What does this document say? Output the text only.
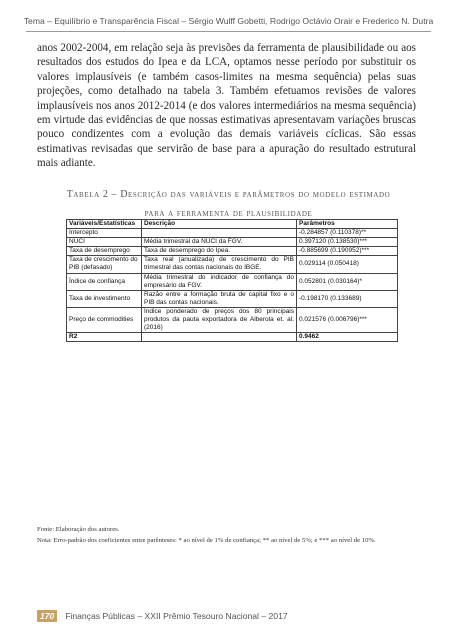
Tema – Equilíbrio e Transparência Fiscal – Sérgio Wulff Gobetti, Rodrigo Octávio Orair e Frederico N. Dutra

anos 2002-2004, em relação seja às previsões da ferramenta de plausibilidade ou aos resultados dos estudos do Ipea e da LCA, optamos nesse período por substituir os valores implausíveis (e também casos-limites na mesma sequência) pelas suas projeções, como detalhado na tabela 3. Também efetuamos revisões de valores implausíveis nos anos 2012-2014 (e dos valores intermediários na mesma sequência) em virtude das evidências de que nossas estimativas apresentavam variações bruscas pouco condizentes com a evolução das demais variáveis cíclicas. São essas estimativas revisadas que servirão de base para a apuração do resultado estrutural mais adiante.

Tabela 2 – Descrição das variáveis e parâmetros do modelo estimado
para a ferramenta de plausibilidade
Variáveis/Estatísticas	Descrição	Parâmetros
Intercepto		-0.284857 (0.110378)**
NUCI	Média trimestral da NUCI da FGV.	0.397120 (0.138530)***
Taxa de desemprego	Taxa de desemprego do Ipea.	-0.885699 (0.190952)***
Taxa de crescimento do PIB (defasado)	Taxa real (anualizada) de crescimento do PIB trimestral das contas nacionais do IBGE.	0.029114 (0.050418)
Índice de confiança	Média trimestral do indicador de confiança do empresário da FGV.	0.052801 (0.030164)*
Taxa de investimento	Razão entre a formação bruta de capital fixo e o PIB das contas nacionais.	-0.198170 (0.133689)
Preço de commodities	Índice ponderado de preços dos 80 principais produtos da pauta exportadora de Alberola et. al. (2016)	0.021576 (0.006796)***
R2		0.9462
Fonte: Elaboração dos autores.
Nota: Erro-padrão dos coeficientes entre parênteses: * ao nível de 1% de confiança; ** ao nível de 5%; e *** ao nível de 10%.
170	Finanças Públicas – XXII Prêmio Tesouro Nacional – 2017
